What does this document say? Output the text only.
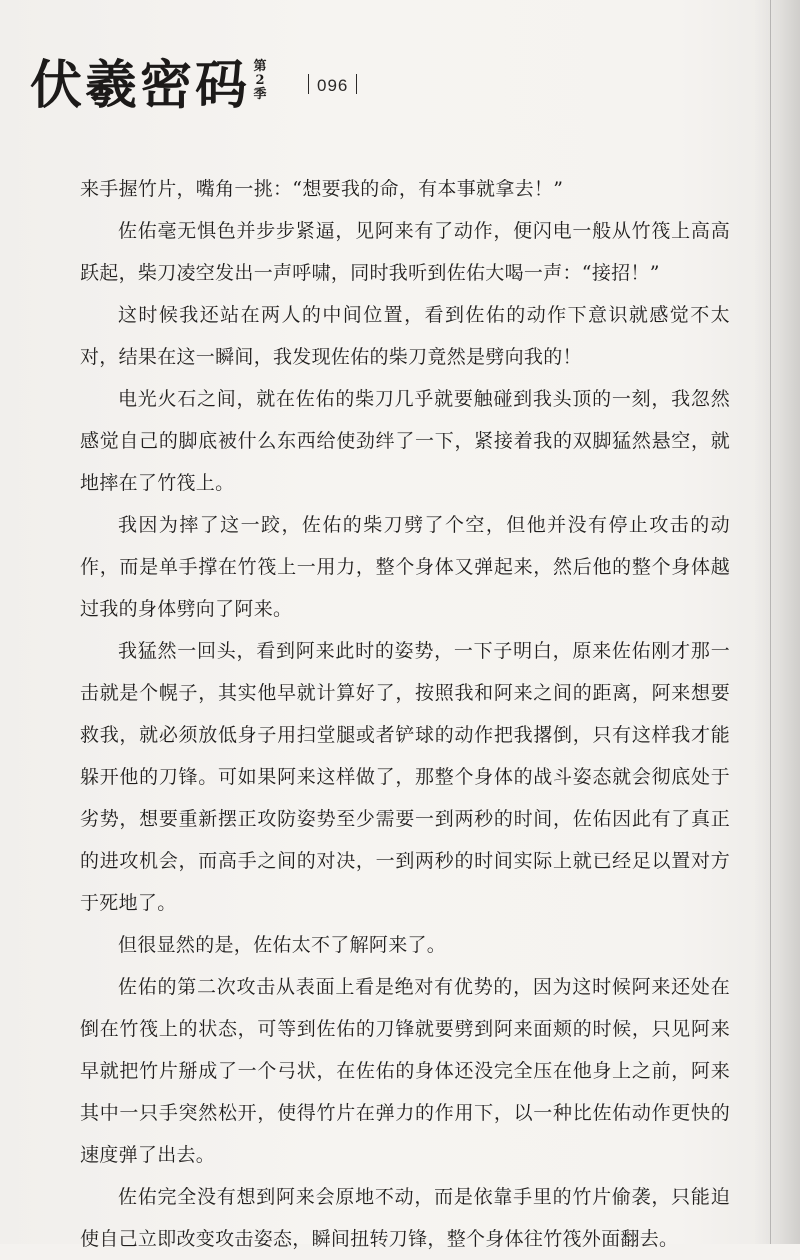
伏羲密码 第
2
季	096

来手握竹片，嘴角一挑：“想要我的命，有本事就拿去！”

佐佑毫无惧色并步步紧逼，见阿来有了动作，便闪电一般从竹筏上高高跃起，柴刀凌空发出一声呼啸，同时我听到佐佑大喝一声：“接招！”

这时候我还站在两人的中间位置，看到佐佑的动作下意识就感觉不太对，结果在这一瞬间，我发现佐佑的柴刀竟然是劈向我的！

电光火石之间，就在佐佑的柴刀几乎就要触碰到我头顶的一刻，我忽然感觉自己的脚底被什么东西给使劲绊了一下，紧接着我的双脚猛然悬空，就地摔在了竹筏上。

我因为摔了这一跤，佐佑的柴刀劈了个空，但他并没有停止攻击的动作，而是单手撑在竹筏上一用力，整个身体又弹起来，然后他的整个身体越过我的身体劈向了阿来。

我猛然一回头，看到阿来此时的姿势，一下子明白，原来佐佑刚才那一击就是个幌子，其实他早就计算好了，按照我和阿来之间的距离，阿来想要救我，就必须放低身子用扫堂腿或者铲球的动作把我撂倒，只有这样我才能躲开他的刀锋。可如果阿来这样做了，那整个身体的战斗姿态就会彻底处于劣势，想要重新摆正攻防姿势至少需要一到两秒的时间，佐佑因此有了真正的进攻机会，而高手之间的对决，一到两秒的时间实际上就已经足以置对方于死地了。

但很显然的是，佐佑太不了解阿来了。

佐佑的第二次攻击从表面上看是绝对有优势的，因为这时候阿来还处在倒在竹筏上的状态，可等到佐佑的刀锋就要劈到阿来面颊的时候，只见阿来早就把竹片掰成了一个弓状，在佐佑的身体还没完全压在他身上之前，阿来其中一只手突然松开，使得竹片在弹力的作用下，以一种比佐佑动作更快的速度弹了出去。

佐佑完全没有想到阿来会原地不动，而是依靠手里的竹片偷袭，只能迫使自己立即改变攻击姿态，瞬间扭转刀锋，整个身体往竹筏外面翻去。
